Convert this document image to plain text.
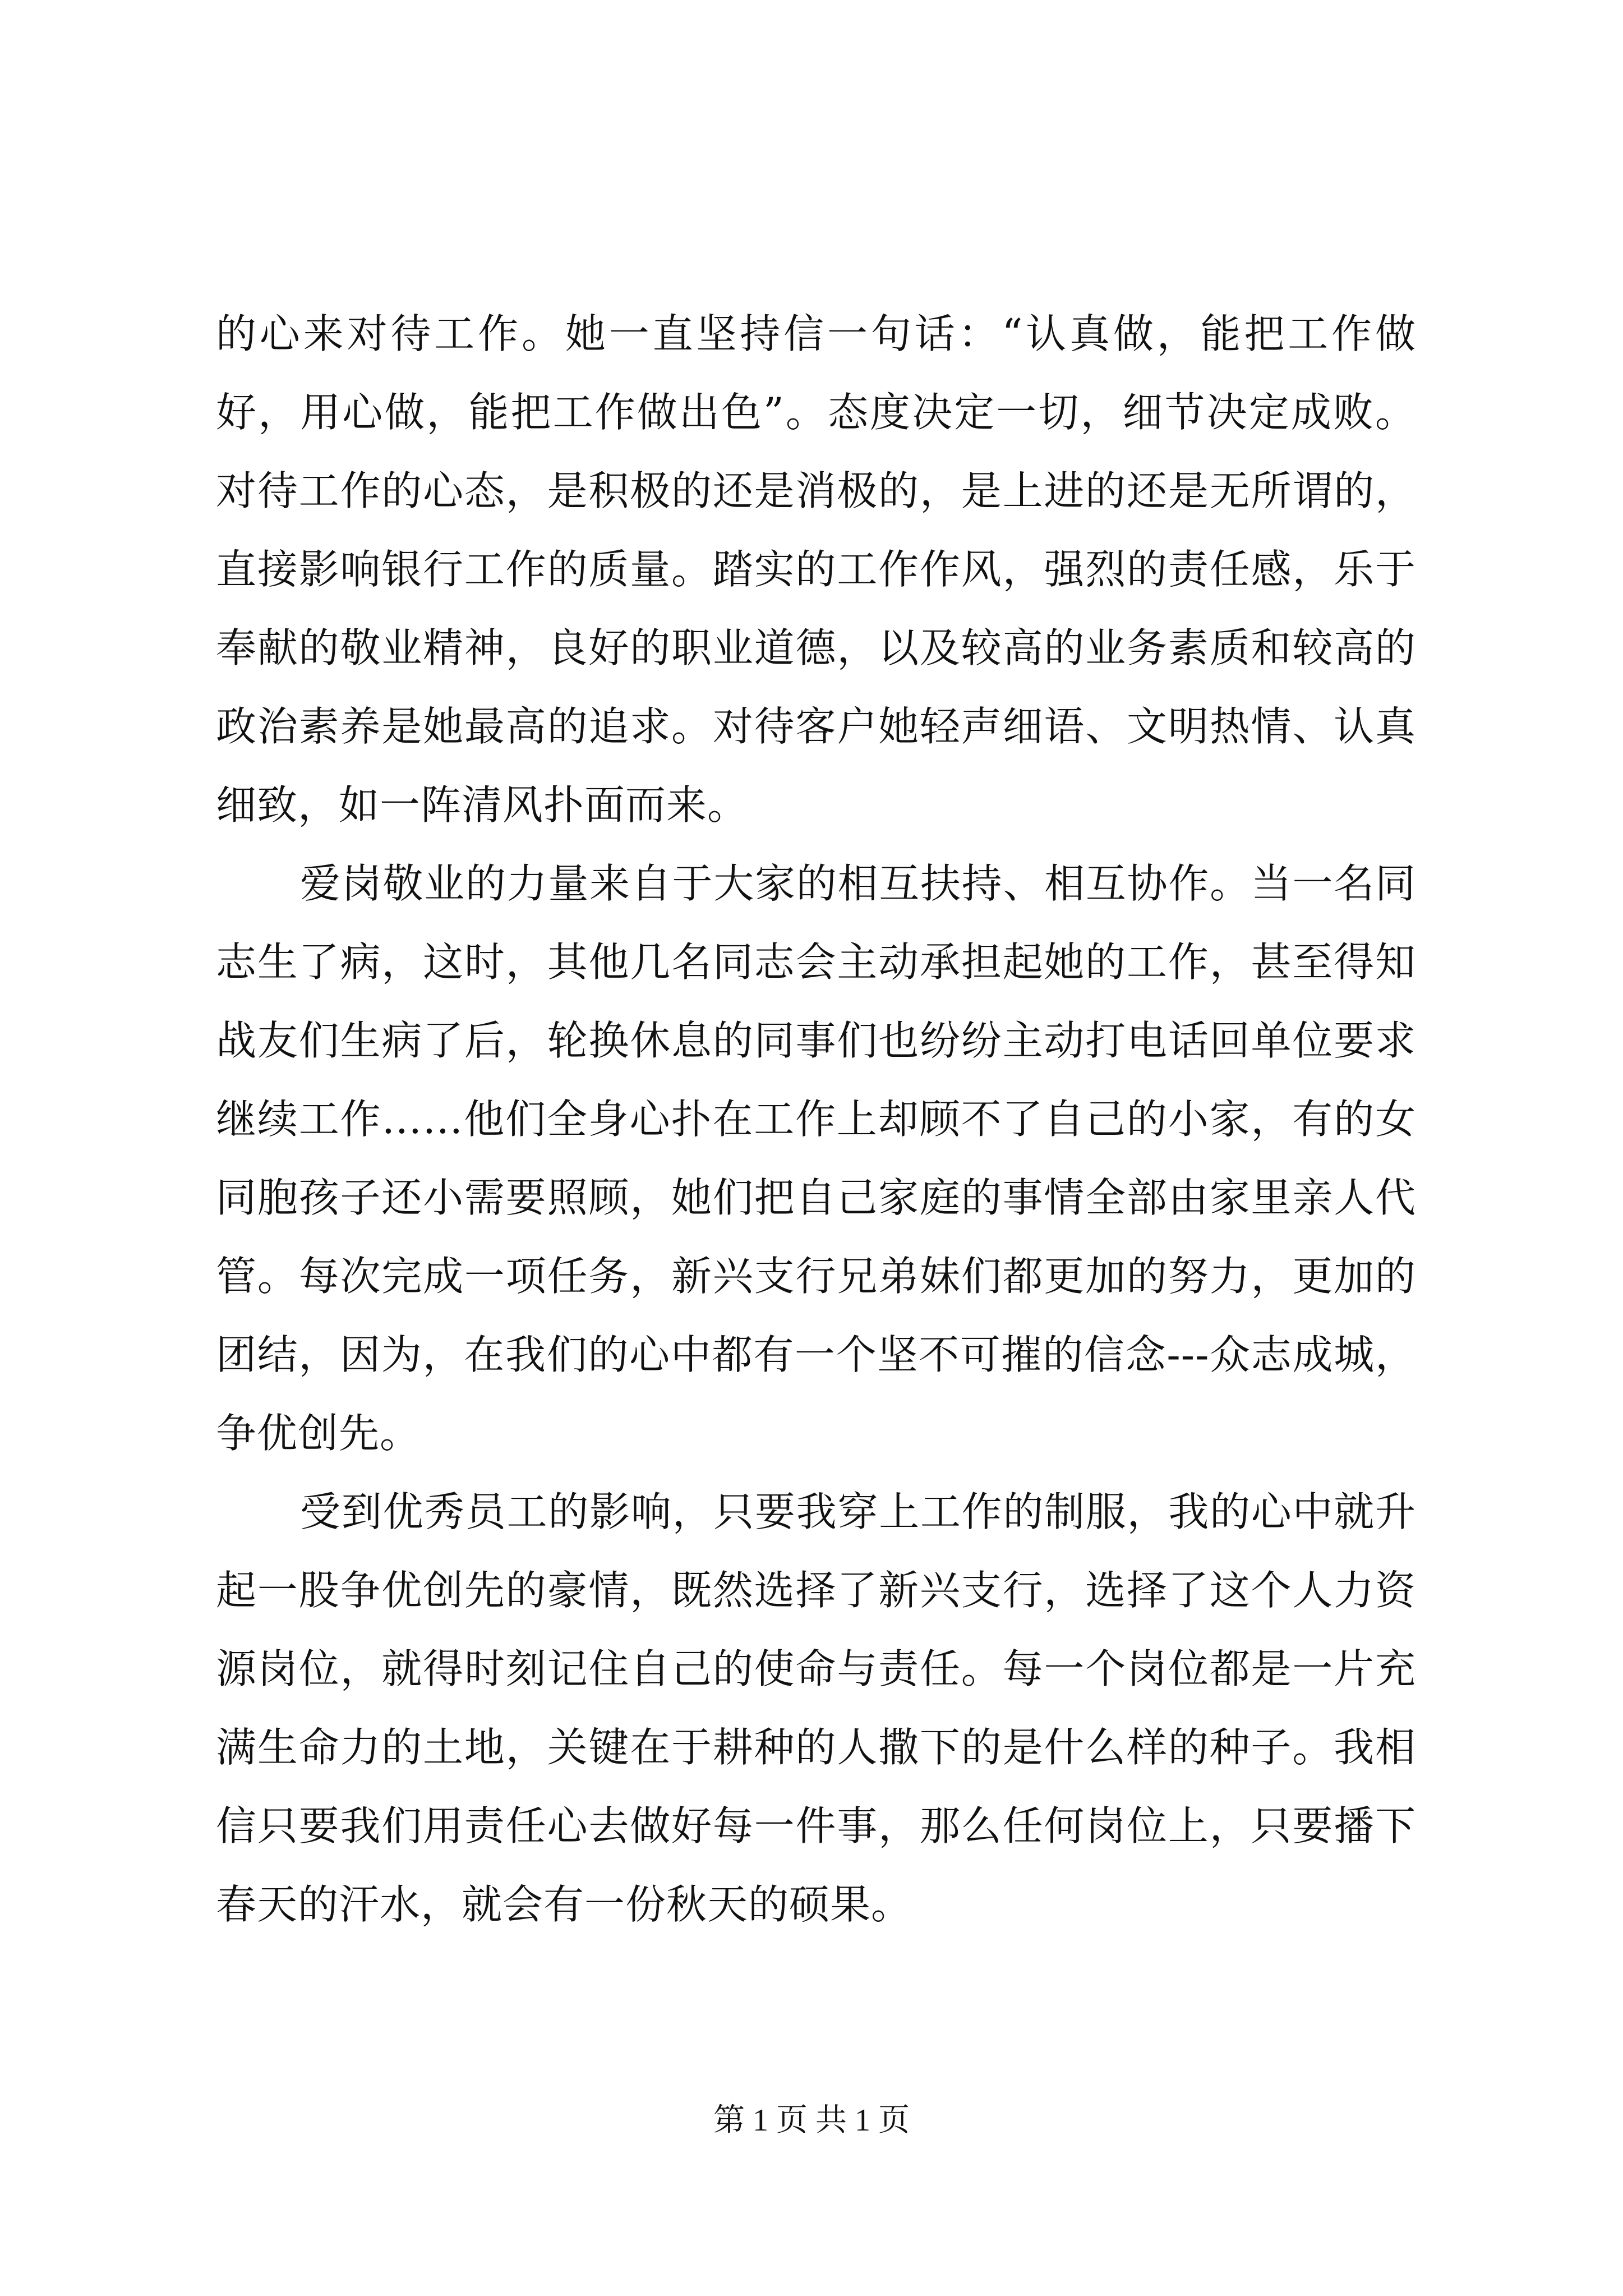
的心来对待工作。她一直坚持信一句话：“认真做，能把工作做好，用心做，能把工作做出色”。态度决定一切，细节决定成败。对待工作的心态，是积极的还是消极的，是上进的还是无所谓的，直接影响银行工作的质量。踏实的工作作风，强烈的责任感，乐于奉献的敬业精神，良好的职业道德，以及较高的业务素质和较高的政治素养是她最高的追求。对待客户她轻声细语、文明热情、认真细致，如一阵清风扑面而来。

爱岗敬业的力量来自于大家的相互扶持、相互协作。当一名同志生了病，这时，其他几名同志会主动承担起她的工作，甚至得知战友们生病了后，轮换休息的同事们也纷纷主动打电话回单位要求继续工作……他们全身心扑在工作上却顾不了自己的小家，有的女同胞孩子还小需要照顾，她们把自己家庭的事情全部由家里亲人代管。每次完成一项任务，新兴支行兄弟妹们都更加的努力，更加的团结，因为，在我们的心中都有一个坚不可摧的信念---众志成城，争优创先。

受到优秀员工的影响，只要我穿上工作的制服，我的心中就升起一股争优创先的豪情，既然选择了新兴支行，选择了这个人力资源岗位，就得时刻记住自己的使命与责任。每一个岗位都是一片充满生命力的土地，关键在于耕种的人撒下的是什么样的种子。我相信只要我们用责任心去做好每一件事，那么任何岗位上，只要播下春天的汗水，就会有一份秋天的硕果。

第 1 页 共 1 页
